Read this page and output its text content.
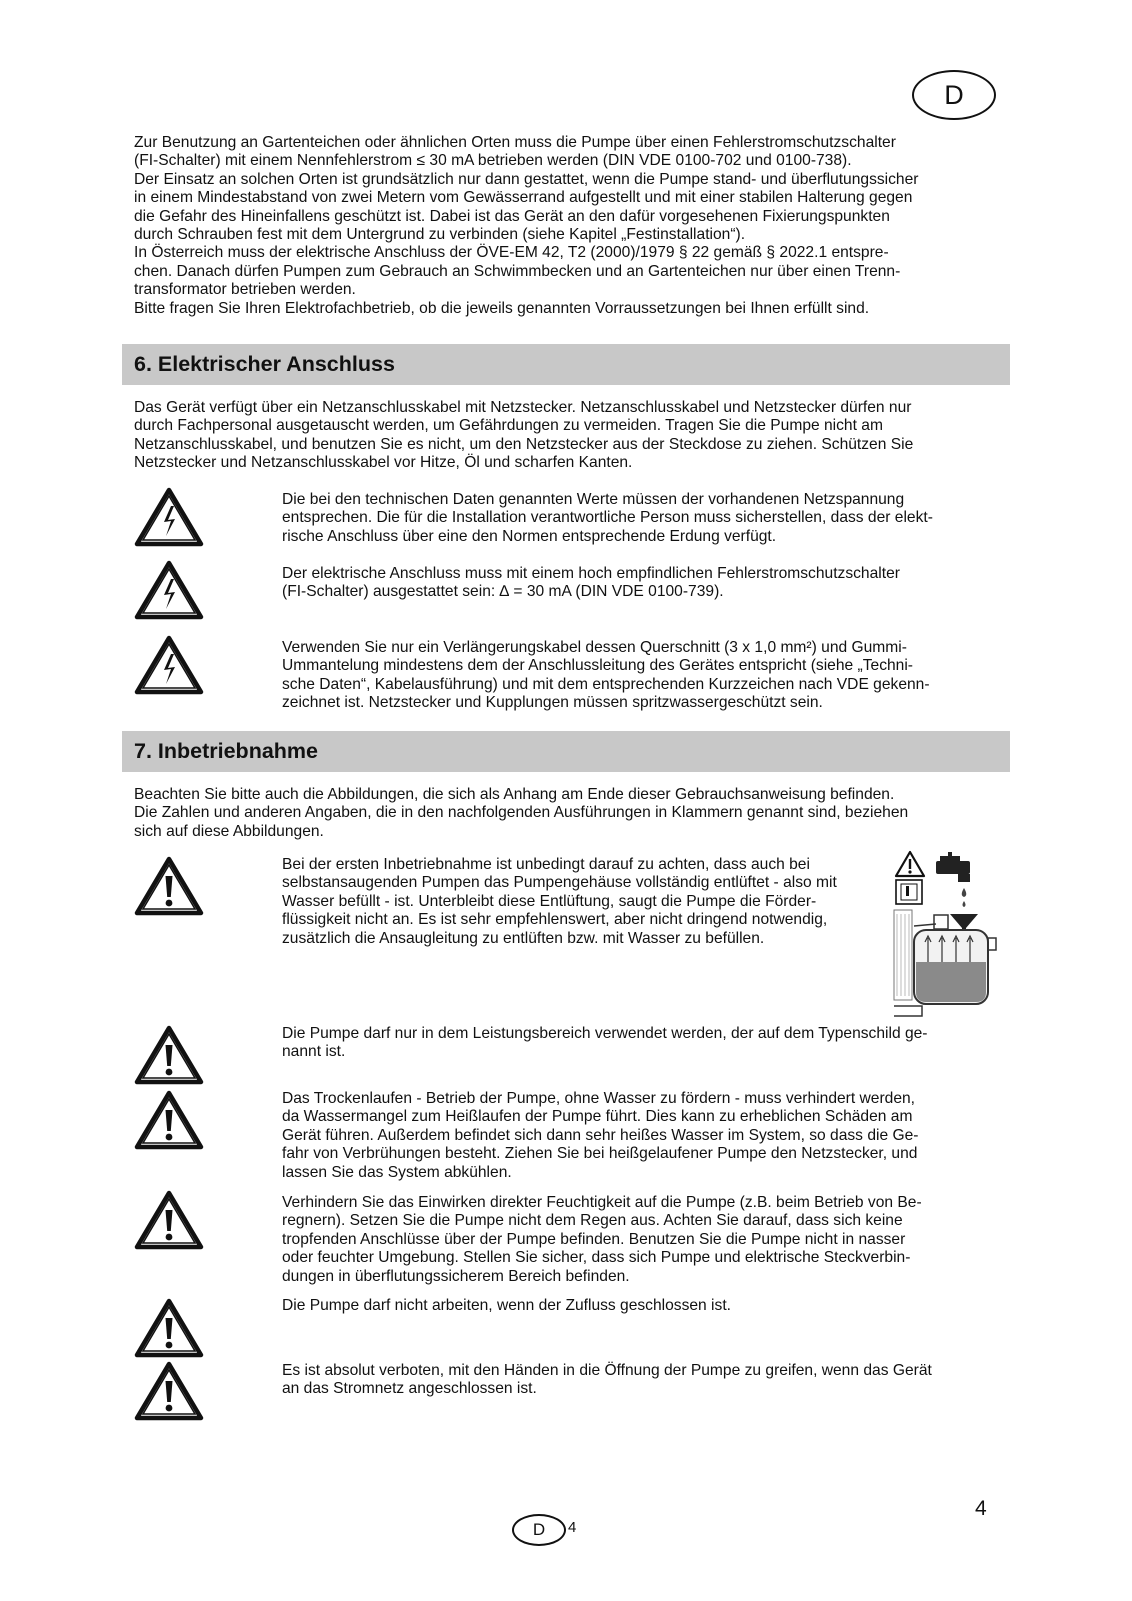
D

Zur Benutzung an Gartenteichen oder ähnlichen Orten muss die Pumpe über einen Fehlerstromschutzschalter
(FI-Schalter) mit einem Nennfehlerstrom ≤ 30 mA betrieben werden (DIN VDE 0100-702 und 0100-738).
Der Einsatz an solchen Orten ist grundsätzlich nur dann gestattet, wenn die Pumpe stand- und überflutungssicher
in einem Mindestabstand von zwei Metern vom Gewässerrand aufgestellt und mit einer stabilen Halterung gegen
die Gefahr des Hineinfallens geschützt ist. Dabei ist das Gerät an den dafür vorgesehenen Fixierungspunkten
durch Schrauben fest mit dem Untergrund zu verbinden (siehe Kapitel „Festinstallation“).
In Österreich muss der elektrische Anschluss der ÖVE-EM 42, T2 (2000)/1979 § 22 gemäß § 2022.1 entspre-
chen. Danach dürfen Pumpen zum Gebrauch an Schwimmbecken und an Gartenteichen nur über einen Trenn-
transformator betrieben werden.
Bitte fragen Sie Ihren Elektrofachbetrieb, ob die jeweils genannten Vorraussetzungen bei Ihnen erfüllt sind.

6. Elektrischer Anschluss

Das Gerät verfügt über ein Netzanschlusskabel mit Netzstecker. Netzanschlusskabel und Netzstecker dürfen nur
durch Fachpersonal ausgetauscht werden, um Gefährdungen zu vermeiden. Tragen Sie die Pumpe nicht am
Netzanschlusskabel, und benutzen Sie es nicht, um den Netzstecker aus der Steckdose zu ziehen. Schützen Sie
Netzstecker und Netzanschlusskabel vor Hitze, Öl und scharfen Kanten.

Die bei den technischen Daten genannten Werte müssen der vorhandenen Netzspannung
entsprechen. Die für die Installation verantwortliche Person muss sicherstellen, dass der elekt-
rische Anschluss über eine den Normen entsprechende Erdung verfügt.

Der elektrische Anschluss muss mit einem hoch empfindlichen Fehlerstromschutzschalter
(FI-Schalter) ausgestattet sein: ∆ = 30 mA (DIN VDE 0100-739).

Verwenden Sie nur ein Verlängerungskabel dessen Querschnitt (3 x 1,0 mm²) und Gummi-
Ummantelung mindestens dem der Anschlussleitung des Gerätes entspricht (siehe „Techni-
sche Daten“, Kabelausführung) und mit dem entsprechenden Kurzzeichen nach VDE gekenn-
zeichnet ist. Netzstecker und Kupplungen müssen spritzwassergeschützt sein.

7. Inbetriebnahme

Beachten Sie bitte auch die Abbildungen, die sich als Anhang am Ende dieser Gebrauchsanweisung befinden.
Die Zahlen und anderen Angaben, die in den nachfolgenden Ausführungen in Klammern genannt sind, beziehen
sich auf diese Abbildungen.

Bei der ersten Inbetriebnahme ist unbedingt darauf zu achten, dass auch bei
selbstansaugenden Pumpen das Pumpengehäuse vollständig entlüftet - also mit
Wasser befüllt - ist. Unterbleibt diese Entlüftung, saugt die Pumpe die Förder-
flüssigkeit nicht an. Es ist sehr empfehlenswert, aber nicht dringend notwendig,
zusätzlich die Ansaugleitung zu entlüften bzw. mit Wasser zu befüllen.

Die Pumpe darf nur in dem Leistungsbereich verwendet werden, der auf dem Typenschild ge-
nannt ist.

Das Trockenlaufen - Betrieb der Pumpe, ohne Wasser zu fördern - muss verhindert werden,
da Wassermangel zum Heißlaufen der Pumpe führt. Dies kann zu erheblichen Schäden am
Gerät führen. Außerdem befindet sich dann sehr heißes Wasser im System, so dass die Ge-
fahr von Verbrühungen besteht. Ziehen Sie bei heißgelaufener Pumpe den Netzstecker, und
lassen Sie das System abkühlen.

Verhindern Sie das Einwirken direkter Feuchtigkeit auf die Pumpe (z.B. beim Betrieb von Be-
regnern). Setzen Sie die Pumpe nicht dem Regen aus. Achten Sie darauf, dass sich keine
tropfenden Anschlüsse über der Pumpe befinden. Benutzen Sie die Pumpe nicht in nasser
oder feuchter Umgebung. Stellen Sie sicher, dass sich Pumpe und elektrische Steckverbin-
dungen in überflutungssicherem Bereich befinden.

Die Pumpe darf nicht arbeiten, wenn der Zufluss geschlossen ist.

Es ist absolut verboten, mit den Händen in die Öffnung der Pumpe zu greifen, wenn das Gerät
an das Stromnetz angeschlossen ist.

4
D	4
